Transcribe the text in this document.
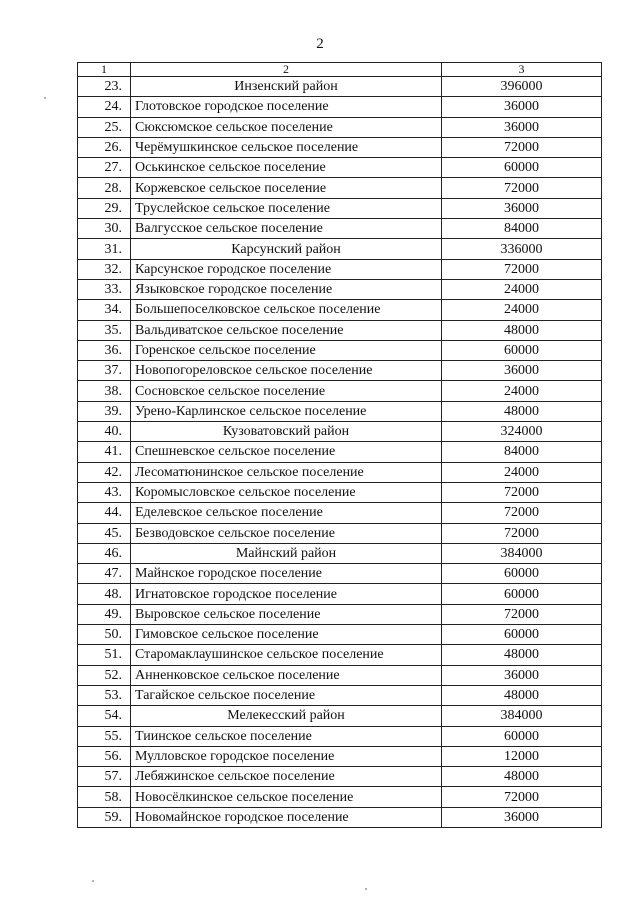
2
1	2	3
23.	Инзенский район	396000
24.	Глотовское городское поселение	36000
25.	Сюксюмское сельское поселение	36000
26.	Черёмушкинское сельское поселение	72000
27.	Оськинское сельское поселение	60000
28.	Коржевское сельское поселение	72000
29.	Труслейское сельское поселение	36000
30.	Валгусское сельское поселение	84000
31.	Карсунский район	336000
32.	Карсунское городское поселение	72000
33.	Языковское городское поселение	24000
34.	Большепоселковское сельское поселение	24000
35.	Вальдиватское сельское поселение	48000
36.	Горенское сельское поселение	60000
37.	Новопогореловское сельское поселение	36000
38.	Сосновское сельское поселение	24000
39.	Урено-Карлинское сельское поселение	48000
40.	Кузоватовский район	324000
41.	Спешневское сельское поселение	84000
42.	Лесоматюнинское сельское поселение	24000
43.	Коромысловское сельское поселение	72000
44.	Еделевское сельское поселение	72000
45.	Безводовское сельское поселение	72000
46.	Майнский район	384000
47.	Майнское городское поселение	60000
48.	Игнатовское городское поселение	60000
49.	Выровское сельское поселение	72000
50.	Гимовское сельское поселение	60000
51.	Старомаклаушинское сельское поселение	48000
52.	Анненковское сельское поселение	36000
53.	Тагайское сельское поселение	48000
54.	Мелекесский район	384000
55.	Тиинское сельское поселение	60000
56.	Мулловское городское поселение	12000
57.	Лебяжинское сельское поселение	48000
58.	Новосёлкинское сельское поселение	72000
59.	Новомайнское городское поселение	36000
